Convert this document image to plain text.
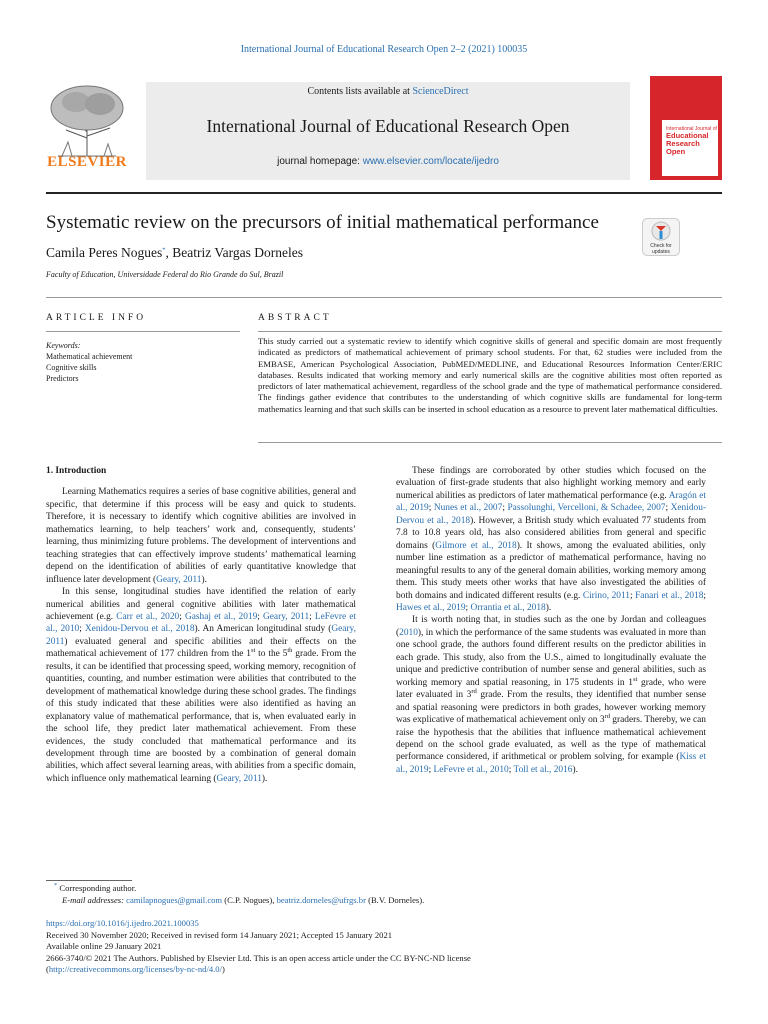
International Journal of Educational Research Open 2–2 (2021) 100035
ELSEVIER
Contents lists available at ScienceDirect
International Journal of Educational Research Open
journal homepage: www.elsevier.com/locate/ijedro
International Journal of
Educational
Research
Open
Systematic review on the precursors of initial mathematical performance
Check for
updates
Camila Peres Nogues*, Beatriz Vargas Dorneles
Faculty of Education, Universidade Federal do Rio Grande do Sul, Brazil
ARTICLE INFO	ABSTRACT
Keywords:
Mathematical achievement
Cognitive skills
Predictors
This study carried out a systematic review to identify which cognitive skills of general and specific domain are most frequently indicated as predictors of mathematical achievement of primary school students. For that, 62 studies were included from the EMBASE, American Psychological Association, PubMED/MEDLINE, and Educational Resources Information Center/ERIC databases. Results indicated that working memory and early numerical skills are the cognitive abilities most often reported as predictors of later mathematical achievement, regardless of the school grade and the type of mathematical performance considered. The findings gather evidence that contributes to the understanding of which cognitive skills are fundamental for long-term mathematics learning and that such skills can be inserted in school education as a resource to prevent later mathematical difficulties.

1. Introduction

Learning Mathematics requires a series of base cognitive abilities, general and specific, that determine if this process will be easy and quick to students. Therefore, it is necessary to identify which cognitive abilities are involved in mathematics learning, to help teachers’ work and, consequently, students’ learning, thus minimizing future problems. The development of interventions and teaching strategies that can effectively improve students’ mathematical learning depend on the identification of abilities of early quantitative knowledge that influence later development (Geary, 2011).

In this sense, longitudinal studies have identified the relation of early numerical abilities and general cognitive abilities with later mathematical achievement (e.g. Carr et al., 2020; Gashaj et al., 2019; Geary, 2011; LeFevre et al., 2010; Xenidou-Dervou et al., 2018). An American longitudinal study (Geary, 2011) evaluated general and specific abilities and their effects on the mathematical achievement of 177 children from the 1st to the 5th grade. From the results, it can be identified that processing speed, working memory, recognition of quantities, counting, and number estimation were abilities that contributed to the development of mathematical knowledge during these school grades. The findings of this study indicated that these abilities were also identified as having an explanatory value of mathematical performance, that is, when evaluated early in the school life, they predict later mathematical achievement. From these evidences, the study concluded that mathematical performance and its development through time are boosted by a combination of general domain abilities, which affect several learning areas, with abilities from a specific domain, which influence only mathematical learning (Geary, 2011).

These findings are corroborated by other studies which focused on the evaluation of first-grade students that also highlight working memory and early numerical abilities as predictors of later mathematical performance (e.g. Aragón et al., 2019; Nunes et al., 2007; Passolunghi, Vercelloni, & Schadee, 2007; Xenidou-Dervou et al., 2018). However, a British study which evaluated 77 students from 7.8 to 10.8 years old, has also considered abilities from general and specific domains (Gilmore et al., 2018). It shows, among the evaluated abilities, only number line estimation as a predictor of mathematical performance, having no meaningful results to any of the general domain abilities, working memory among them. This study meets other works that have also investigated the abilities of both domains and indicated different results (e.g. Cirino, 2011; Fanari et al., 2018; Hawes et al., 2019; Orrantia et al., 2018).

It is worth noting that, in studies such as the one by Jordan and colleagues (2010), in which the performance of the same students was evaluated in more than one school grade, the authors found different results on the predictor abilities in each grade. This study, also from the U.S., aimed to longitudinally evaluate the unique and predictive contribution of number sense and general abilities, such as working memory and spatial reasoning, in 175 students in 1st grade, who were later evaluated in 3rd grade. From the results, they identified that number sense and spatial reasoning were predictors in both grades, however working memory was explicative of mathematical achievement only on 3rd graders. Thereby, we can raise the hypothesis that the abilities that influence mathematical achievement depend on the school grade evaluated, as well as the type of mathematical performance considered, if arithmetical or problem solving, for example (Kiss et al., 2019; LeFevre et al., 2010; Toll et al., 2016).

* Corresponding author.
E-mail addresses: camilapnogues@gmail.com (C.P. Nogues), beatriz.dorneles@ufrgs.br (B.V. Dorneles).
https://doi.org/10.1016/j.ijedro.2021.100035
Received 30 November 2020; Received in revised form 14 January 2021; Accepted 15 January 2021
Available online 29 January 2021
2666-3740/© 2021 The Authors. Published by Elsevier Ltd. This is an open access article under the CC BY-NC-ND license
(http://creativecommons.org/licenses/by-nc-nd/4.0/)
